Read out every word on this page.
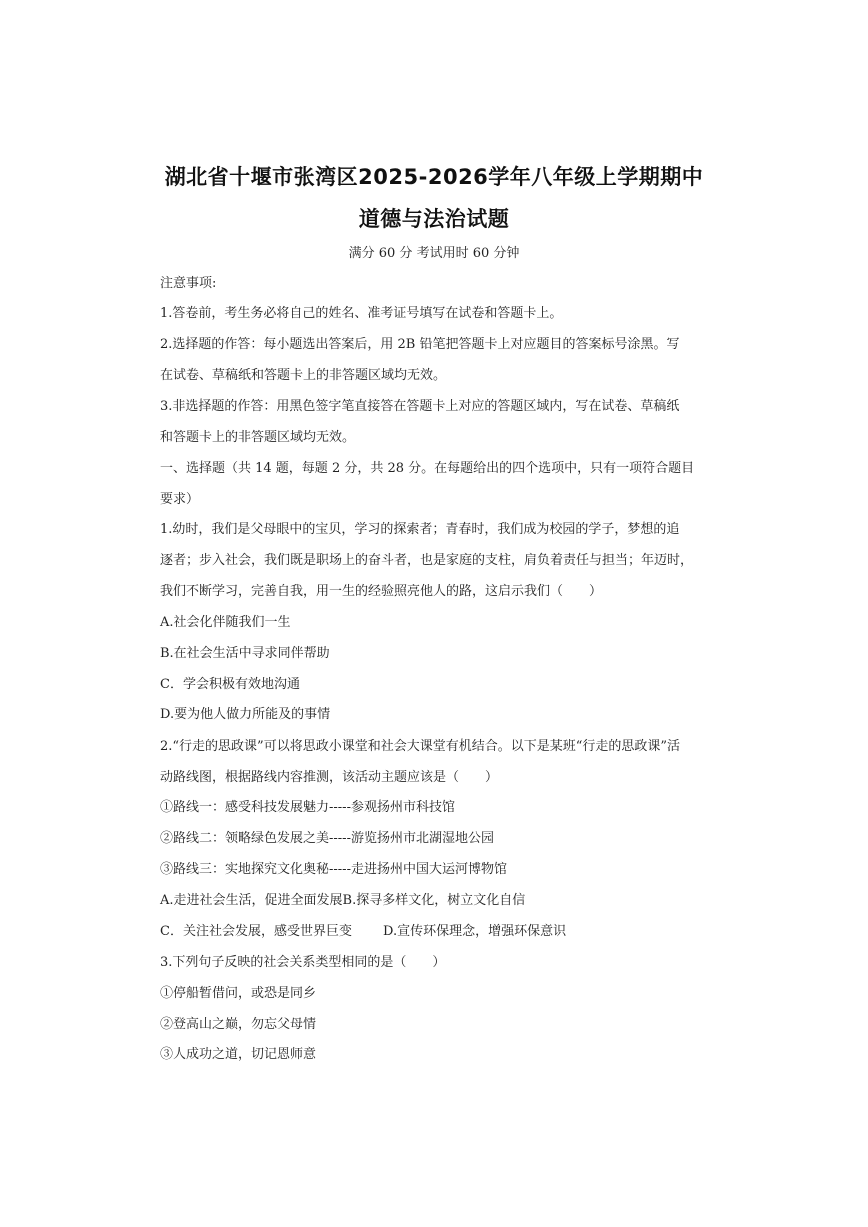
湖北省十堰市张湾区2025-2026学年八年级上学期期中
道德与法治试题
满分 60 分 考试用时 60 分钟
注意事项:
1.答卷前，考生务必将自己的姓名、准考证号填写在试卷和答题卡上。
2.选择题的作答：每小题选出答案后，用 2B 铅笔把答题卡上对应题目的答案标号涂黑。写
在试卷、草稿纸和答题卡上的非答题区域均无效。
3.非选择题的作答：用黑色签字笔直接答在答题卡上对应的答题区域内，写在试卷、草稿纸
和答题卡上的非答题区域均无效。
一、选择题（共 14 题，每题 2 分，共 28 分。在每题给出的四个选项中，只有一项符合题目
要求）
1.幼时，我们是父母眼中的宝贝，学习的探索者；青春时，我们成为校园的学子，梦想的追
逐者；步入社会，我们既是职场上的奋斗者，也是家庭的支柱，肩负着责任与担当；年迈时，
我们不断学习，完善自我，用一生的经验照亮他人的路，这启示我们（　　）
A.社会化伴随我们一生
B.在社会生活中寻求同伴帮助
C．学会积极有效地沟通
D.要为他人做力所能及的事情
2.“行走的思政课”可以将思政小课堂和社会大课堂有机结合。以下是某班“行走的思政课”活
动路线图，根据路线内容推测，该活动主题应该是（　　）
①路线一：感受科技发展魅力-----参观扬州市科技馆
②路线二：领略绿色发展之美-----游览扬州市北湖湿地公园
③路线三：实地探究文化奥秘-----走进扬州中国大运河博物馆
A.走进社会生活，促进全面发展B.探寻多样文化，树立文化自信
C．关注社会发展，感受世界巨变 D.宣传环保理念，增强环保意识
3.下列句子反映的社会关系类型相同的是（　　）
①停船暂借问，或恐是同乡
②登高山之巅，勿忘父母情
③人成功之道，切记恩师意
